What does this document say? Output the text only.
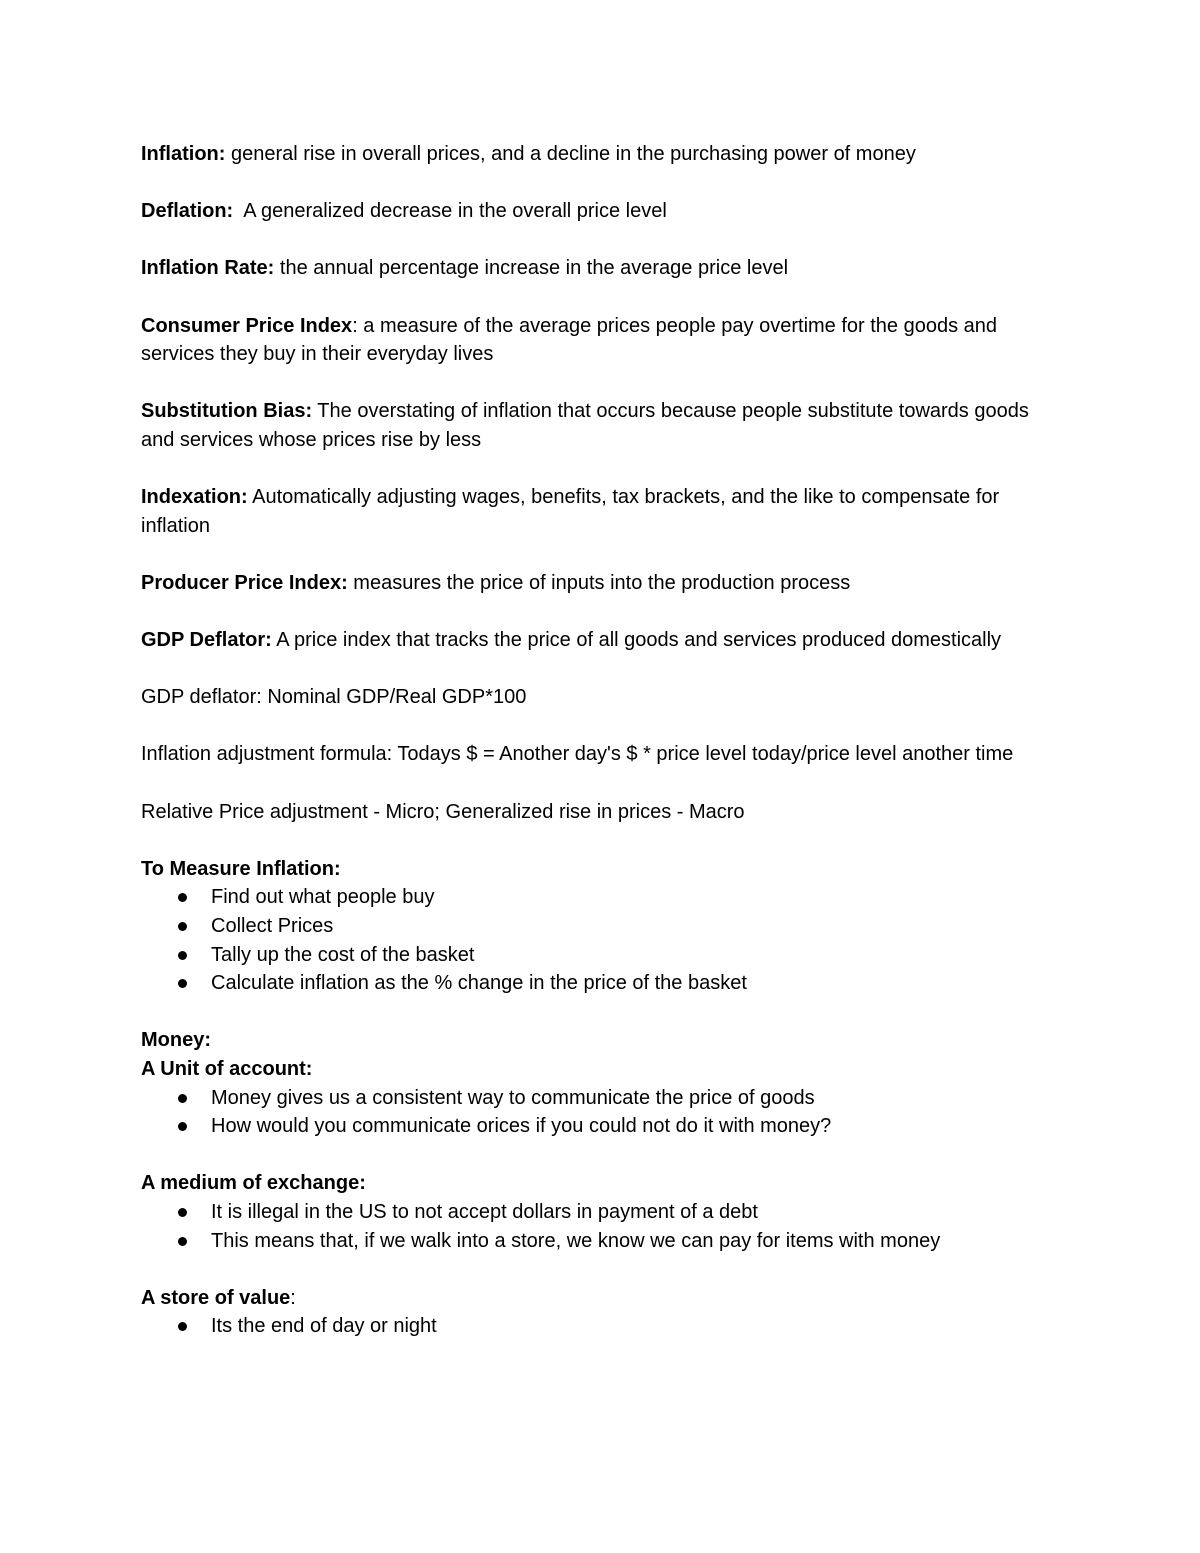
Inflation: general rise in overall prices, and a decline in the purchasing power of money

Deflation:  A generalized decrease in the overall price level

Inflation Rate: the annual percentage increase in the average price level

Consumer Price Index: a measure of the average prices people pay overtime for the goods and services they buy in their everyday lives

Substitution Bias: The overstating of inflation that occurs because people substitute towards goods and services whose prices rise by less

Indexation: Automatically adjusting wages, benefits, tax brackets, and the like to compensate for inflation

Producer Price Index: measures the price of inputs into the production process

GDP Deflator: A price index that tracks the price of all goods and services produced domestically

GDP deflator: Nominal GDP/Real GDP*100

Inflation adjustment formula: Todays $ = Another day's $ * price level today/price level another time

Relative Price adjustment - Micro; Generalized rise in prices - Macro

To Measure Inflation:

Find out what people buy
Collect Prices
Tally up the cost of the basket
Calculate inflation as the % change in the price of the basket

Money:

A Unit of account:

Money gives us a consistent way to communicate the price of goods
How would you communicate orices if you could not do it with money?

A medium of exchange:

It is illegal in the US to not accept dollars in payment of a debt
This means that, if we walk into a store, we know we can pay for items with money

A store of value:

Its the end of day or night
